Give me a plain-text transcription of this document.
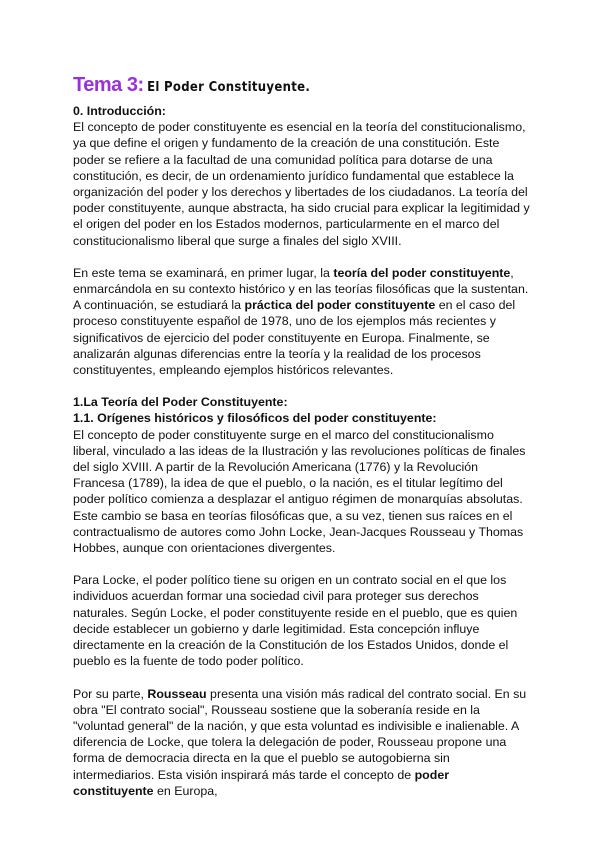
Tema 3: El Poder Constituyente.
0. Introducción:

El concepto de poder constituyente es esencial en la teoría del constitucionalismo, ya que define el origen y fundamento de la creación de una constitución. Este poder se refiere a la facultad de una comunidad política para dotarse de una constitución, es decir, de un ordenamiento jurídico fundamental que establece la organización del poder y los derechos y libertades de los ciudadanos. La teoría del poder constituyente, aunque abstracta, ha sido crucial para explicar la legitimidad y el origen del poder en los Estados modernos, particularmente en el marco del constitucionalismo liberal que surge a finales del siglo XVIII.

En este tema se examinará, en primer lugar, la teoría del poder constituyente, enmarcándola en su contexto histórico y en las teorías filosóficas que la sustentan. A continuación, se estudiará la práctica del poder constituyente en el caso del proceso constituyente español de 1978, uno de los ejemplos más recientes y significativos de ejercicio del poder constituyente en Europa. Finalmente, se analizarán algunas diferencias entre la teoría y la realidad de los procesos constituyentes, empleando ejemplos históricos relevantes.

1.La Teoría del Poder Constituyente:
1.1. Orígenes históricos y filosóficos del poder constituyente:

El concepto de poder constituyente surge en el marco del constitucionalismo liberal, vinculado a las ideas de la Ilustración y las revoluciones políticas de finales del siglo XVIII. A partir de la Revolución Americana (1776) y la Revolución Francesa (1789), la idea de que el pueblo, o la nación, es el titular legítimo del poder político comienza a desplazar el antiguo régimen de monarquías absolutas. Este cambio se basa en teorías filosóficas que, a su vez, tienen sus raíces en el contractualismo de autores como John Locke, Jean-Jacques Rousseau y Thomas Hobbes, aunque con orientaciones divergentes.

Para Locke, el poder político tiene su origen en un contrato social en el que los individuos acuerdan formar una sociedad civil para proteger sus derechos naturales. Según Locke, el poder constituyente reside en el pueblo, que es quien decide establecer un gobierno y darle legitimidad. Esta concepción influye directamente en la creación de la Constitución de los Estados Unidos, donde el pueblo es la fuente de todo poder político.

Por su parte, Rousseau presenta una visión más radical del contrato social. En su obra "El contrato social", Rousseau sostiene que la soberanía reside en la "voluntad general" de la nación, y que esta voluntad es indivisible e inalienable. A diferencia de Locke, que tolera la delegación de poder, Rousseau propone una forma de democracia directa en la que el pueblo se autogobierna sin intermediarios. Esta visión inspirará más tarde el concepto de poder constituyente en Europa,
